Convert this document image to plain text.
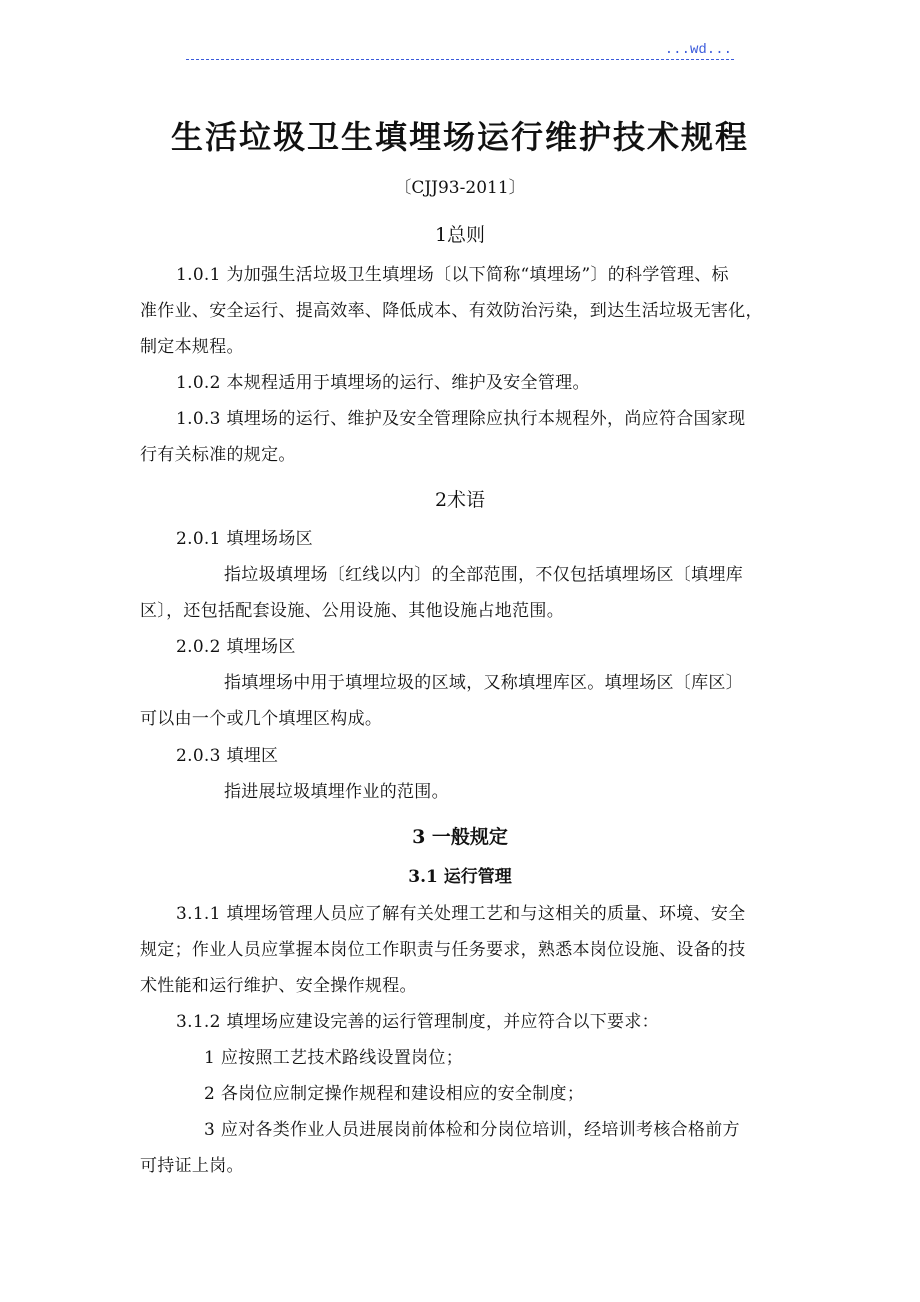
...wd...
生活垃圾卫生填埋场运行维护技术规程
〔CJJ93-2011〕
1总则
1.0.1 为加强生活垃圾卫生填埋场〔以下简称“填埋场”〕的科学管理、标
准作业、安全运行、提高效率、降低成本、有效防治污染，到达生活垃圾无害化，
制定本规程。
1.0.2 本规程适用于填埋场的运行、维护及安全管理。
1.0.3 填埋场的运行、维护及安全管理除应执行本规程外，尚应符合国家现
行有关标准的规定。
2术语
2.0.1 填埋场场区
指垃圾填埋场〔红线以内〕的全部范围，不仅包括填埋场区〔填埋库
区〕，还包括配套设施、公用设施、其他设施占地范围。
2.0.2 填埋场区
指填埋场中用于填埋垃圾的区域，又称填埋库区。填埋场区〔库区〕
可以由一个或几个填埋区构成。
2.0.3 填埋区
指进展垃圾填埋作业的范围。
3 一般规定
3.1 运行管理
3.1.1 填埋场管理人员应了解有关处理工艺和与这相关的质量、环境、安全
规定；作业人员应掌握本岗位工作职责与任务要求，熟悉本岗位设施、设备的技
术性能和运行维护、安全操作规程。
3.1.2 填埋场应建设完善的运行管理制度，并应符合以下要求：
1 应按照工艺技术路线设置岗位；
2 各岗位应制定操作规程和建设相应的安全制度；
3 应对各类作业人员进展岗前体检和分岗位培训，经培训考核合格前方
可持证上岗。
